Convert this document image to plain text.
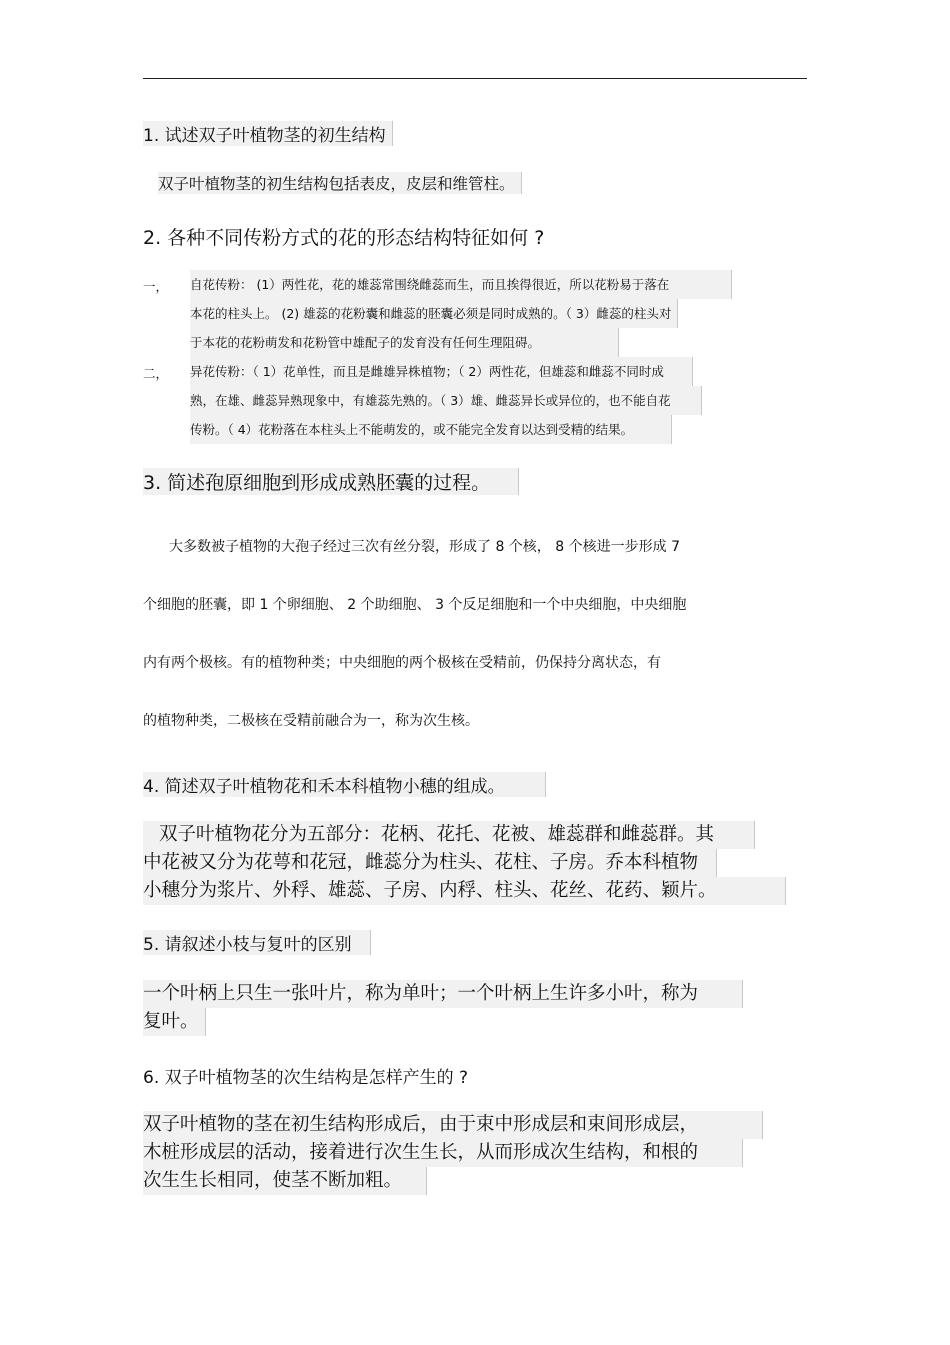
1. 试述双子叶植物茎的初生结构
双子叶植物茎的初生结构包括表皮，皮层和维管柱。
2. 各种不同传粉方式的花的形态结构特征如何 ?
一， 自花传粉： (1）两性花，花的雄蕊常围绕雌蕊而生，而且挨得很近，所以花粉易于落在
本花的柱头上。 (2) 雄蕊的花粉囊和雌蕊的胚囊必须是同时成熟的。（ 3）雌蕊的柱头对
于本花的花粉萌发和花粉管中雄配子的发育没有任何生理阻碍。
二， 异花传粉：（ 1）花单性，而且是雌雄异株植物；（ 2）两性花，但雄蕊和雌蕊不同时成
熟，在雄、雌蕊异熟现象中，有雄蕊先熟的。（ 3）雄、雌蕊异长或异位的，也不能自花
传粉。（ 4）花粉落在本柱头上不能萌发的，或不能完全发育以达到受精的结果。
3. 简述孢原细胞到形成成熟胚囊的过程。
大多数被子植物的大孢子经过三次有丝分裂，形成了 8 个核， 8 个核进一步形成 7
个细胞的胚囊，即 1 个卵细胞、 2 个助细胞、 3 个反足细胞和一个中央细胞，中央细胞
内有两个极核。有的植物种类；中央细胞的两个极核在受精前，仍保持分离状态，有
的植物种类，二极核在受精前融合为一，称为次生核。
4. 简述双子叶植物花和禾本科植物小穗的组成。
双子叶植物花分为五部分：花柄、花托、花被、雄蕊群和雌蕊群。其
中花被又分为花萼和花冠，雌蕊分为柱头、花柱、子房。乔本科植物
小穗分为浆片、外稃、雄蕊、子房、内稃、柱头、花丝、花药、颖片。
5. 请叙述小枝与复叶的区别
一个叶柄上只生一张叶片，称为单叶；一个叶柄上生许多小叶，称为
复叶。
6. 双子叶植物茎的次生结构是怎样产生的 ?
双子叶植物的茎在初生结构形成后，由于束中形成层和束间形成层，
木桩形成层的活动，接着进行次生生长，从而形成次生结构，和根的
次生生长相同，使茎不断加粗。
